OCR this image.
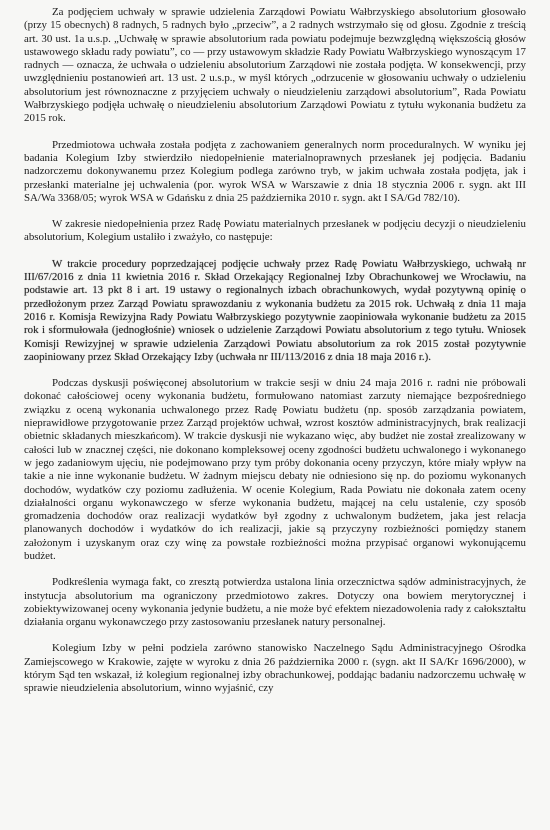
Za podjęciem uchwały w sprawie udzielenia Zarządowi Powiatu Wałbrzyskiego absolutorium głosowało (przy 15 obecnych) 8 radnych, 5 radnych było „przeciw”, a 2 radnych wstrzymało się od głosu. Zgodnie z treścią art. 30 ust. 1a u.s.p. „Uchwałę w sprawie absolutorium rada powiatu podejmuje bezwzględną większością głosów ustawowego składu rady powiatu”, co — przy ustawowym składzie Rady Powiatu Wałbrzyskiego wynoszącym 17 radnych — oznacza, że uchwała o udzieleniu absolutorium Zarządowi nie została podjęta. W konsekwencji, przy uwzględnieniu postanowień art. 13 ust. 2 u.s.p., w myśl których „odrzucenie w głosowaniu uchwały o udzieleniu absolutorium jest równoznaczne z przyjęciem uchwały o nieudzieleniu zarządowi absolutorium”, Rada Powiatu Wałbrzyskiego podjęła uchwałę o nieudzieleniu absolutorium Zarządowi Powiatu z tytułu wykonania budżetu za 2015 rok.

Przedmiotowa uchwała została podjęta z zachowaniem generalnych norm proceduralnych. W wyniku jej badania Kolegium Izby stwierdziło niedopełnienie materialnoprawnych przesłanek jej podjęcia. Badaniu nadzorczemu dokonywanemu przez Kolegium podlega zarówno tryb, w jakim uchwała została podjęta, jak i przesłanki materialne jej uchwalenia (por. wyrok WSA w Warszawie z dnia 18 stycznia 2006 r. sygn. akt III SA/Wa 3368/05; wyrok WSA w Gdańsku z dnia 25 października 2010 r. sygn. akt I SA/Gd 782/10).

W zakresie niedopełnienia przez Radę Powiatu materialnych przesłanek w podjęciu decyzji o nieudzieleniu absolutorium, Kolegium ustaliło i zważyło, co następuje:

W trakcie procedury poprzedzającej podjęcie uchwały przez Radę Powiatu Wałbrzyskiego, uchwałą nr III/67/2016 z dnia 11 kwietnia 2016 r. Skład Orzekający Regionalnej Izby Obrachunkowej we Wrocławiu, na podstawie art. 13 pkt 8 i art. 19 ustawy o regionalnych izbach obrachunkowych, wydał pozytywną opinię o przedłożonym przez Zarząd Powiatu sprawozdaniu z wykonania budżetu za 2015 rok. Uchwałą z dnia 11 maja 2016 r. Komisja Rewizyjna Rady Powiatu Wałbrzyskiego pozytywnie zaopiniowała wykonanie budżetu za 2015 rok i sformułowała (jednogłośnie) wniosek o udzielenie Zarządowi Powiatu absolutorium z tego tytułu. Wniosek Komisji Rewizyjnej w sprawie udzielenia Zarządowi Powiatu absolutorium za rok 2015 został pozytywnie zaopiniowany przez Skład Orzekający Izby (uchwała nr III/113/2016 z dnia 18 maja 2016 r.).

Podczas dyskusji poświęconej absolutorium w trakcie sesji w dniu 24 maja 2016 r. radni nie próbowali dokonać całościowej oceny wykonania budżetu, formułowano natomiast zarzuty niemające bezpośredniego związku z oceną wykonania uchwalonego przez Radę Powiatu budżetu (np. sposób zarządzania powiatem, nieprawidłowe przygotowanie przez Zarząd projektów uchwał, wzrost kosztów administracyjnych, brak realizacji obietnic składanych mieszkańcom). W trakcie dyskusji nie wykazano więc, aby budżet nie został zrealizowany w całości lub w znacznej części, nie dokonano kompleksowej oceny zgodności budżetu uchwalonego i wykonanego w jego zadaniowym ujęciu, nie podejmowano przy tym próby dokonania oceny przyczyn, które miały wpływ na takie a nie inne wykonanie budżetu. W żadnym miejscu debaty nie odniesiono się np. do poziomu wykonanych dochodów, wydatków czy poziomu zadłużenia. W ocenie Kolegium, Rada Powiatu nie dokonała zatem oceny działalności organu wykonawczego w sferze wykonania budżetu, mającej na celu ustalenie, czy sposób gromadzenia dochodów oraz realizacji wydatków był zgodny z uchwalonym budżetem, jaka jest relacja planowanych dochodów i wydatków do ich realizacji, jakie są przyczyny rozbieżności pomiędzy stanem założonym i uzyskanym oraz czy winę za powstałe rozbieżności można przypisać organowi wykonującemu budżet.

Podkreślenia wymaga fakt, co zresztą potwierdza ustalona linia orzecznictwa sądów administracyjnych, że instytucja absolutorium ma ograniczony przedmiotowo zakres. Dotyczy ona bowiem merytorycznej i zobiektywizowanej oceny wykonania jedynie budżetu, a nie może być efektem niezadowolenia rady z całokształtu działania organu wykonawczego przy zastosowaniu przesłanek natury personalnej.

Kolegium Izby w pełni podziela zarówno stanowisko Naczelnego Sądu Administracyjnego Ośrodka Zamiejscowego w Krakowie, zajęte w wyroku z dnia 26 października 2000 r. (sygn. akt II SA/Kr 1696/2000), w którym Sąd ten wskazał, iż kolegium regionalnej izby obrachunkowej, poddając badaniu nadzorczemu uchwałę w sprawie nieudzielenia absolutorium, winno wyjaśnić, czy
